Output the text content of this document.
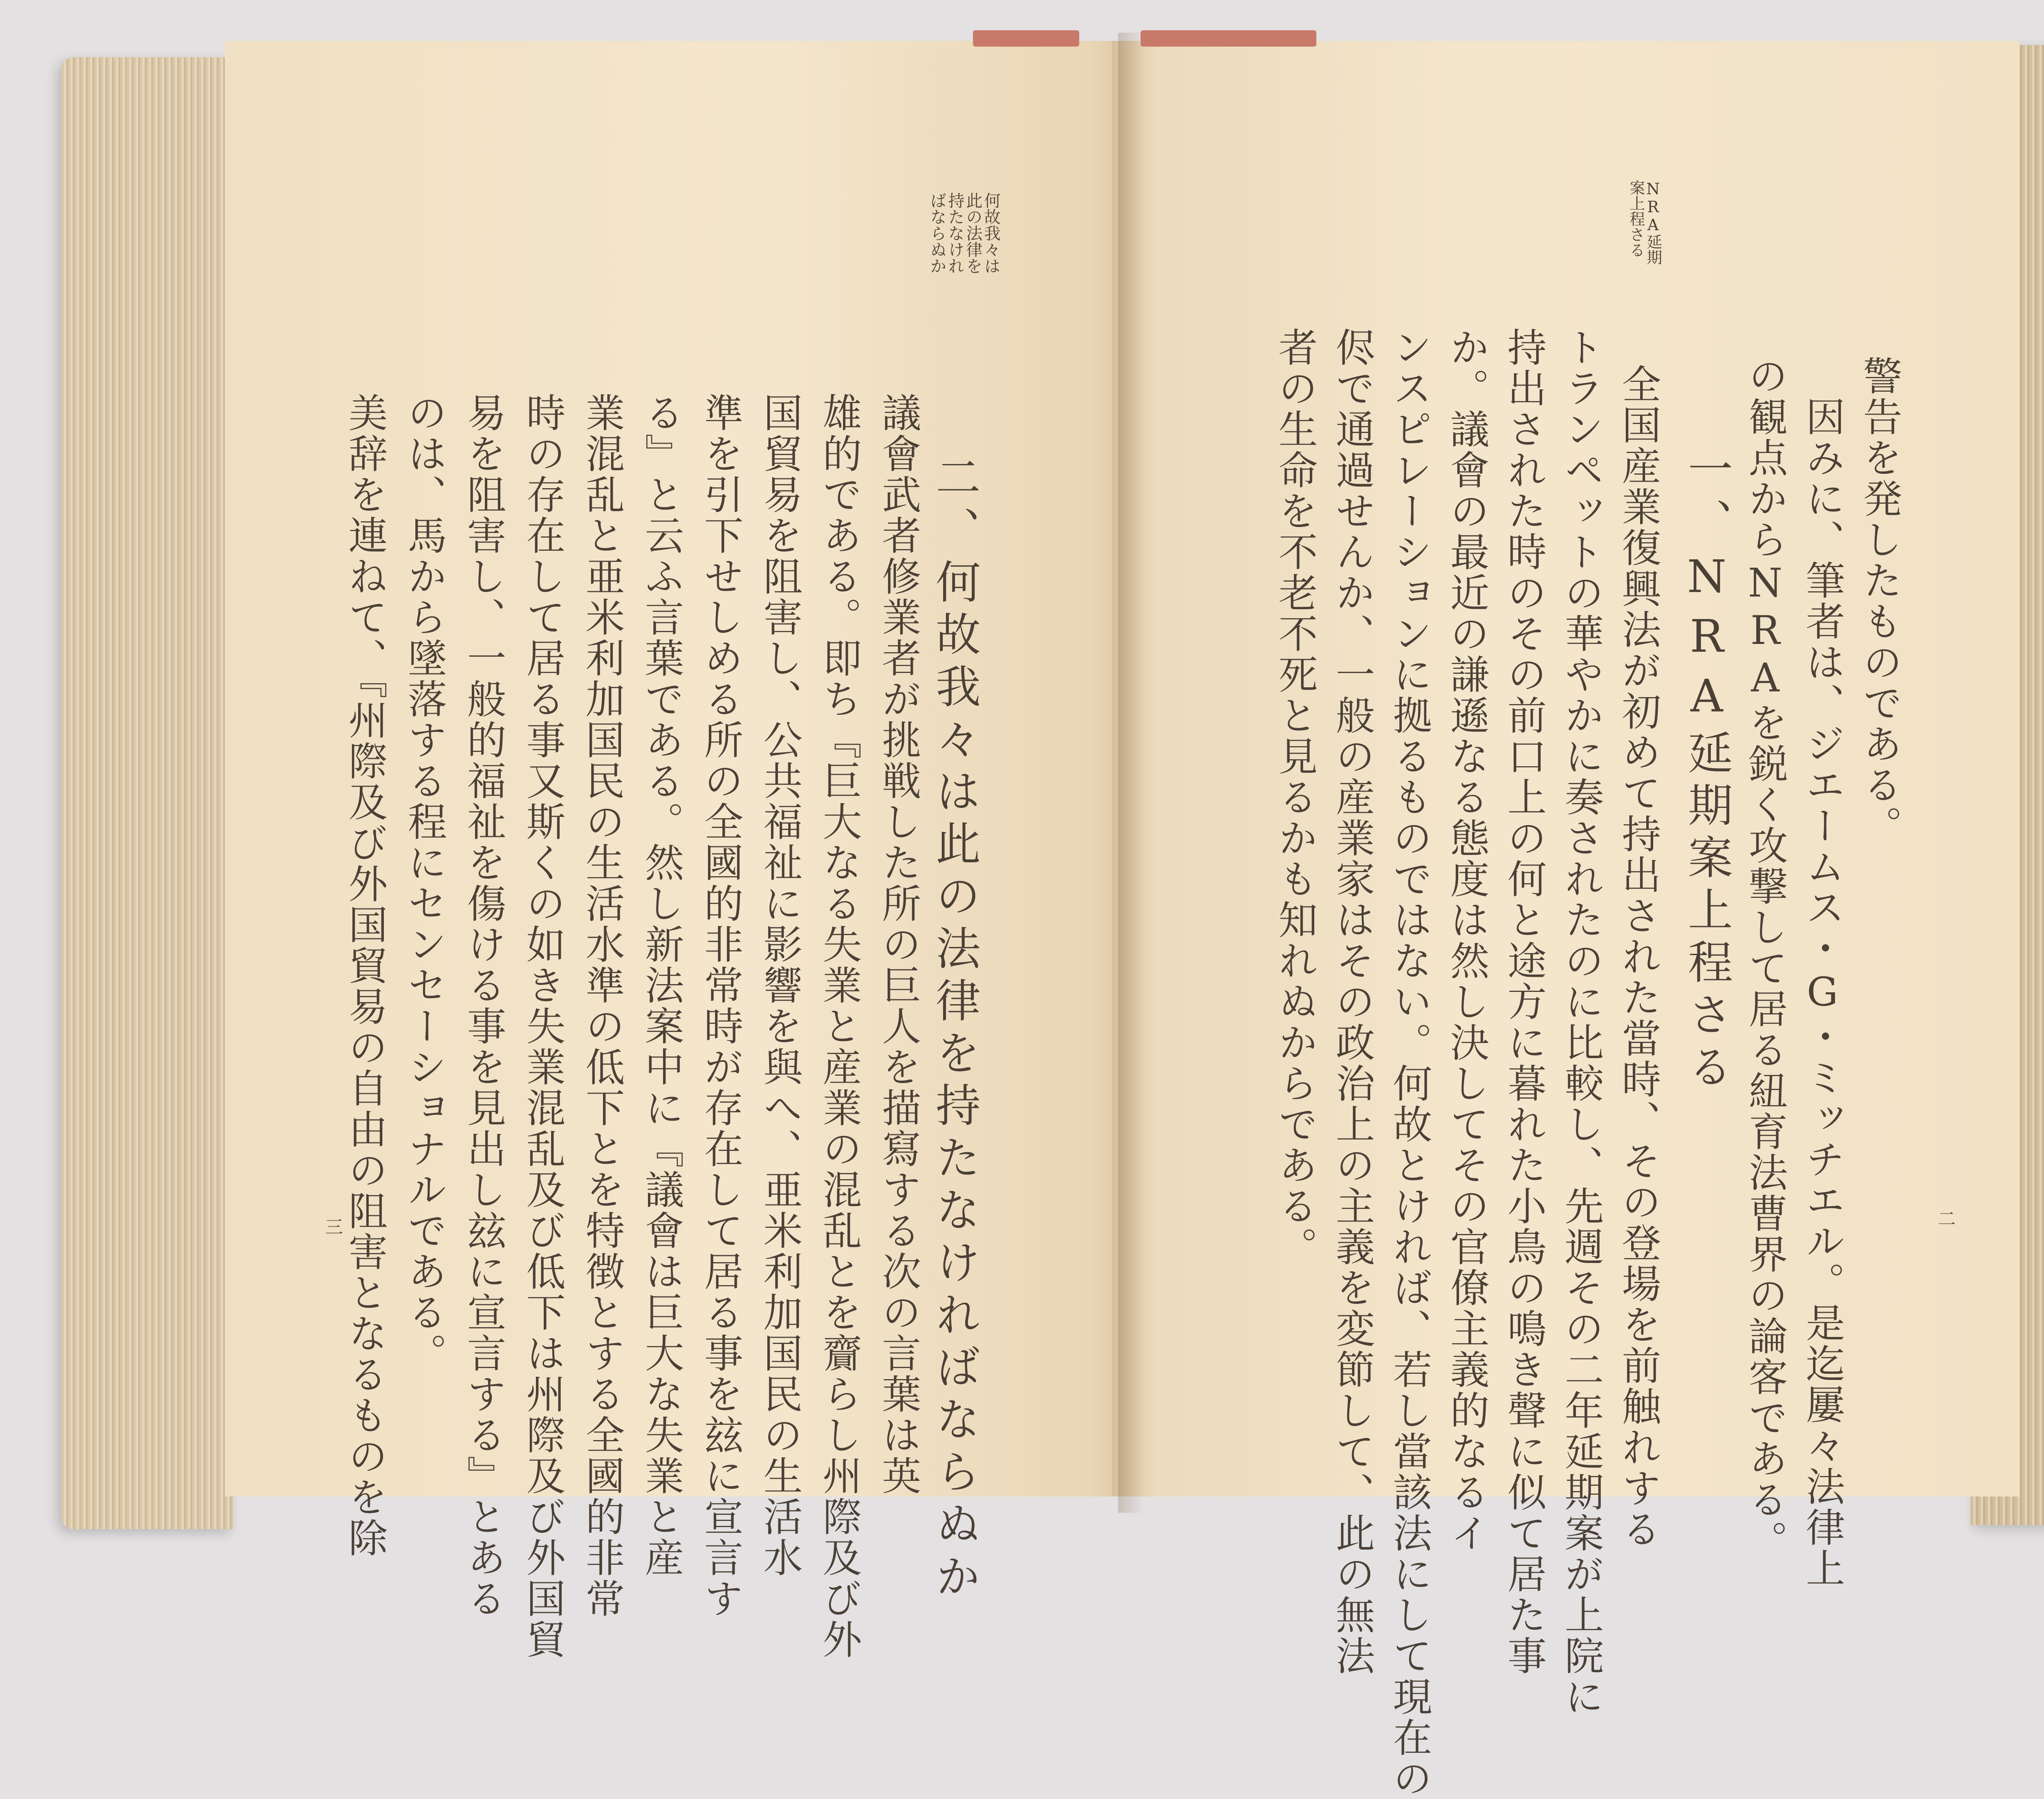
何故我々は此の法律を持たなければならぬか
二、何故我々は此の法律を持たなければならぬか
議會武者修業者が挑戦した所の巨人を描寫する次の言葉は英
雄的である。即ち『巨大なる失業と産業の混乱とを齎らし州際及び外
国貿易を阻害し、公共福祉に影響を與へ、亜米利加国民の生活水
準を引下せしめる所の全國的非常時が存在して居る事を玆に宣言す
る』と云ふ言葉である。然し新法案中に『議會は巨大な失業と産
業混乱と亜米利加国民の生活水準の低下とを特徴とする全國的非常
時の存在して居る事又斯くの如き失業混乱及び低下は州際及び外国貿
易を阻害し、一般的福祉を傷ける事を見出し玆に宣言する』とある
のは、馬から墜落する程にセンセーショナルである。
美辞を連ねて、『州際及び外国貿易の自由の阻害となるものを除
三
NRA延期案上程さる
警告を発したものである。
因みに、筆者は、ジエームス・G・ミッチエル。是迄屢々法律上
の観点からNRAを鋭く攻撃して居る紐育法曹界の論客である。
一、NRA延期案上程さる
全国産業復興法が初めて持出された當時、その登場を前触れする
トランペットの華やかに奏されたのに比較し、先週その二年延期案が上院に
持出された時のその前口上の何と途方に暮れた小鳥の鳴き聲に似て居た事
か。議會の最近の謙遜なる態度は然し決してその官僚主義的なるイ
ンスピレーションに拠るものではない。何故とければ、若し當該法にして現在の
侭で通過せんか、一般の産業家はその政治上の主義を変節して、此の無法
者の生命を不老不死と見るかも知れぬからである。	二
